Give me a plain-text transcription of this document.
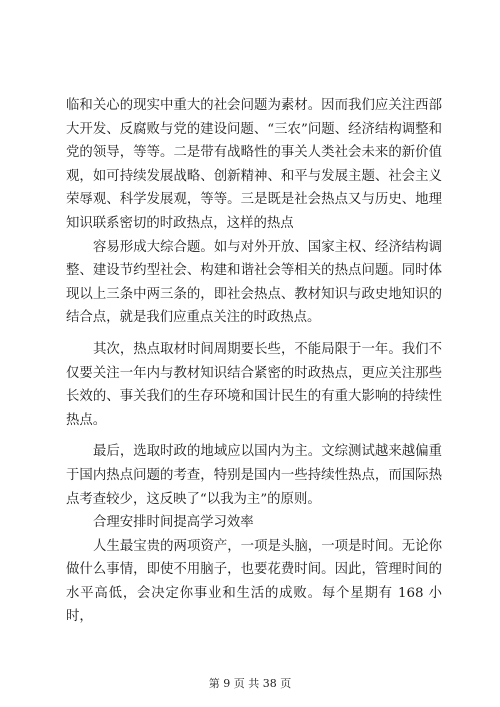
临和关心的现实中重大的社会问题为素材。因而我们应关注西部大开发、反腐败与党的建设问题、“三农”问题、经济结构调整和党的领导，等等。二是带有战略性的事关人类社会未来的新价值观，如可持续发展战略、创新精神、和平与发展主题、社会主义荣辱观、科学发展观，等等。三是既是社会热点又与历史、地理知识联系密切的时政热点，这样的热点

容易形成大综合题。如与对外开放、国家主权、经济结构调整、建设节约型社会、构建和谐社会等相关的热点问题。同时体现以上三条中两三条的，即社会热点、教材知识与政史地知识的结合点，就是我们应重点关注的时政热点。

其次，热点取材时间周期要长些，不能局限于一年。我们不仅要关注一年内与教材知识结合紧密的时政热点，更应关注那些长效的、事关我们的生存环境和国计民生的有重大影响的持续性热点。

最后，选取时政的地域应以国内为主。文综测试越来越偏重于国内热点问题的考查，特别是国内一些持续性热点，而国际热点考查较少，这反映了“以我为主”的原则。

合理安排时间提高学习效率

人生最宝贵的两项资产，一项是头脑，一项是时间。无论你做什么事情，即使不用脑子，也要花费时间。因此，管理时间的水平高低，会决定你事业和生活的成败。每个星期有 168 小时，

第 9 页 共 38 页
